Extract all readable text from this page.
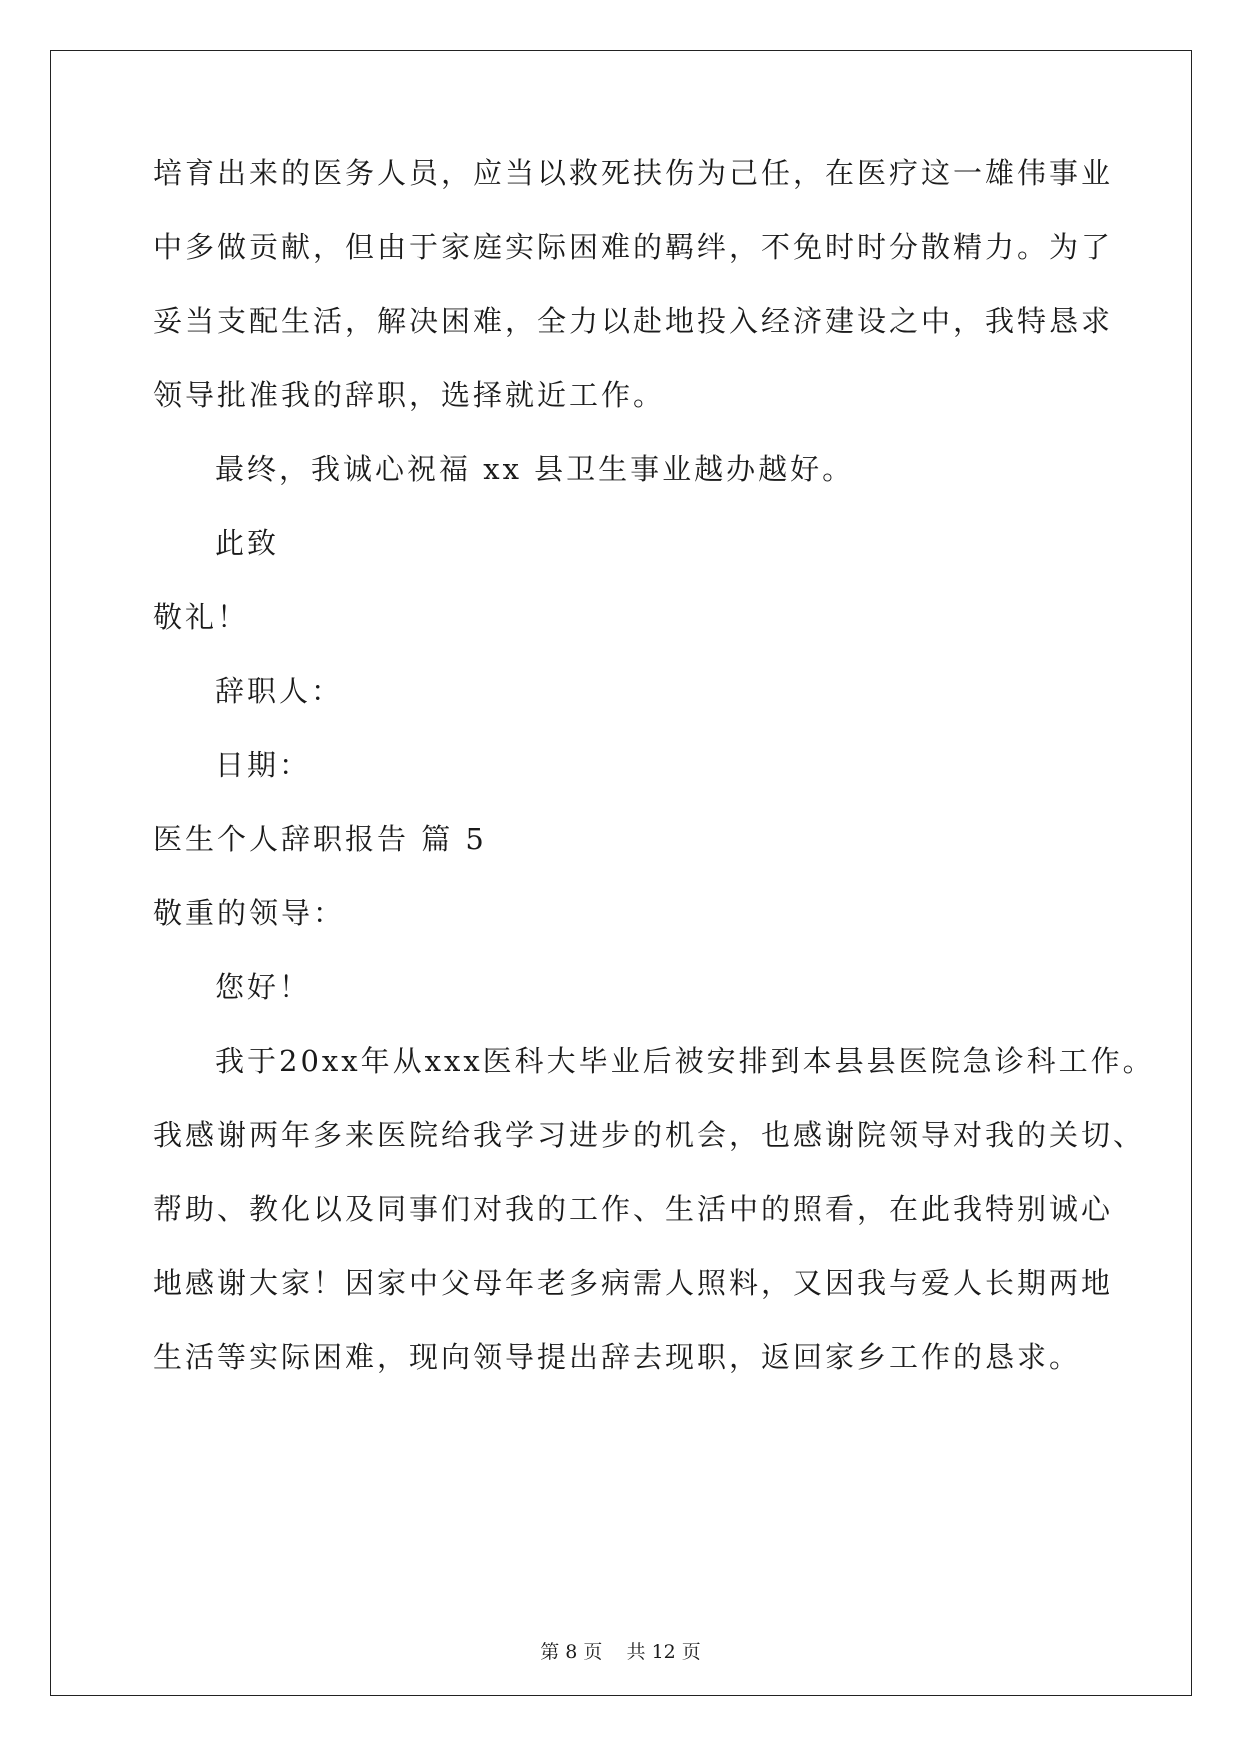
培育出来的医务人员，应当以救死扶伤为己任，在医疗这一雄伟事业
中多做贡献，但由于家庭实际困难的羁绊，不免时时分散精力。为了
妥当支配生活，解决困难，全力以赴地投入经济建设之中，我特恳求
领导批准我的辞职，选择就近工作。
最终，我诚心祝福 xx 县卫生事业越办越好。
此致
敬礼！
辞职人：
日期：
医生个人辞职报告 篇 5
敬重的领导：
您好！
我于20xx年从xxx医科大毕业后被安排到本县县医院急诊科工作。
我感谢两年多来医院给我学习进步的机会，也感谢院领导对我的关切、
帮助、教化以及同事们对我的工作、生活中的照看，在此我特别诚心
地感谢大家！因家中父母年老多病需人照料，又因我与爱人长期两地
生活等实际困难，现向领导提出辞去现职，返回家乡工作的恳求。
第 8 页    共 12 页
